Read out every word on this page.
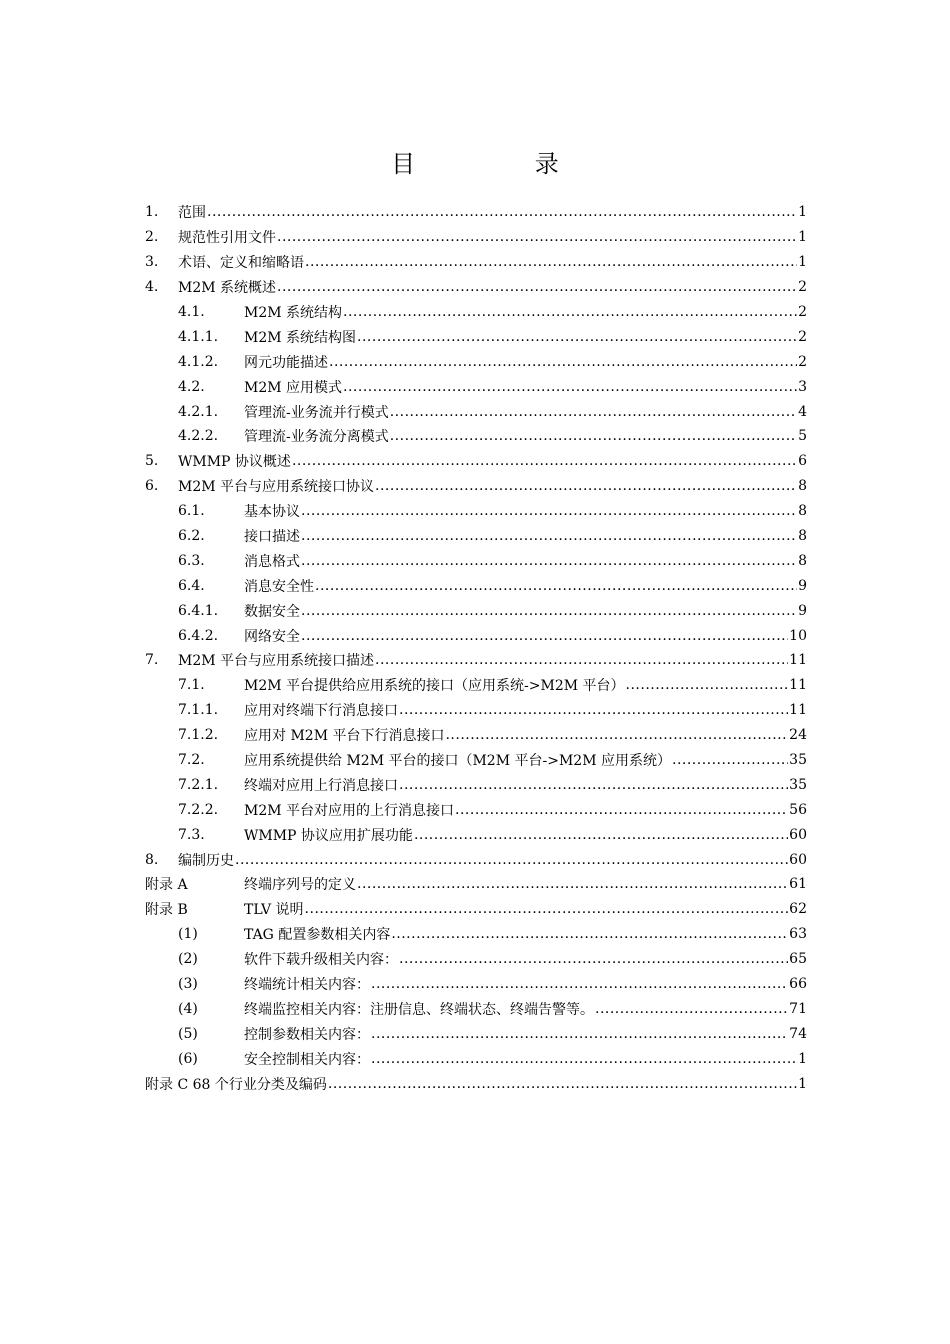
目 录
1.	范围 .....	1
2.	规范性引用文件 .....	1
3.	术语、定义和缩略语 .....	1
4.	M2M 系统概述 .....	2
4.1.	M2M 系统结构 .....	2
4.1.1.	M2M 系统结构图 .....	2
4.1.2.	网元功能描述 .....	2
4.2.	M2M 应用模式 .....	3
4.2.1.	管理流-业务流并行模式 .....	4
4.2.2.	管理流-业务流分离模式 .....	5
5.	WMMP 协议概述 .....	6
6.	M2M 平台与应用系统接口协议 .....	8
6.1.	基本协议 .....	8
6.2.	接口描述 .....	8
6.3.	消息格式 .....	8
6.4.	消息安全性 .....	9
6.4.1.	数据安全 .....	9
6.4.2.	网络安全 .....	10
7.	M2M 平台与应用系统接口描述 .....	11
7.1.	M2M 平台提供给应用系统的接口（应用系统->M2M 平台） .....	11
7.1.1.	应用对终端下行消息接口 .....	11
7.1.2.	应用对 M2M 平台下行消息接口 .....	24
7.2.	应用系统提供给 M2M 平台的接口（M2M 平台->M2M 应用系统） .....	35
7.2.1.	终端对应用上行消息接口 .....	35
7.2.2.	M2M 平台对应用的上行消息接口 .....	56
7.3.	WMMP 协议应用扩展功能 .....	60
8.	编制历史 .....	60
附录 A	终端序列号的定义 .....	61
附录 B	TLV 说明 .....	62
(1)	TAG 配置参数相关内容 .....	63
(2)	软件下载升级相关内容： .....	65
(3)	终端统计相关内容： .....	66
(4)	终端监控相关内容：注册信息、终端状态、终端告警等。 .....	71
(5)	控制参数相关内容： .....	74
(6)	安全控制相关内容： .....	1
附录 C 68 个行业分类及编码 .....	1
